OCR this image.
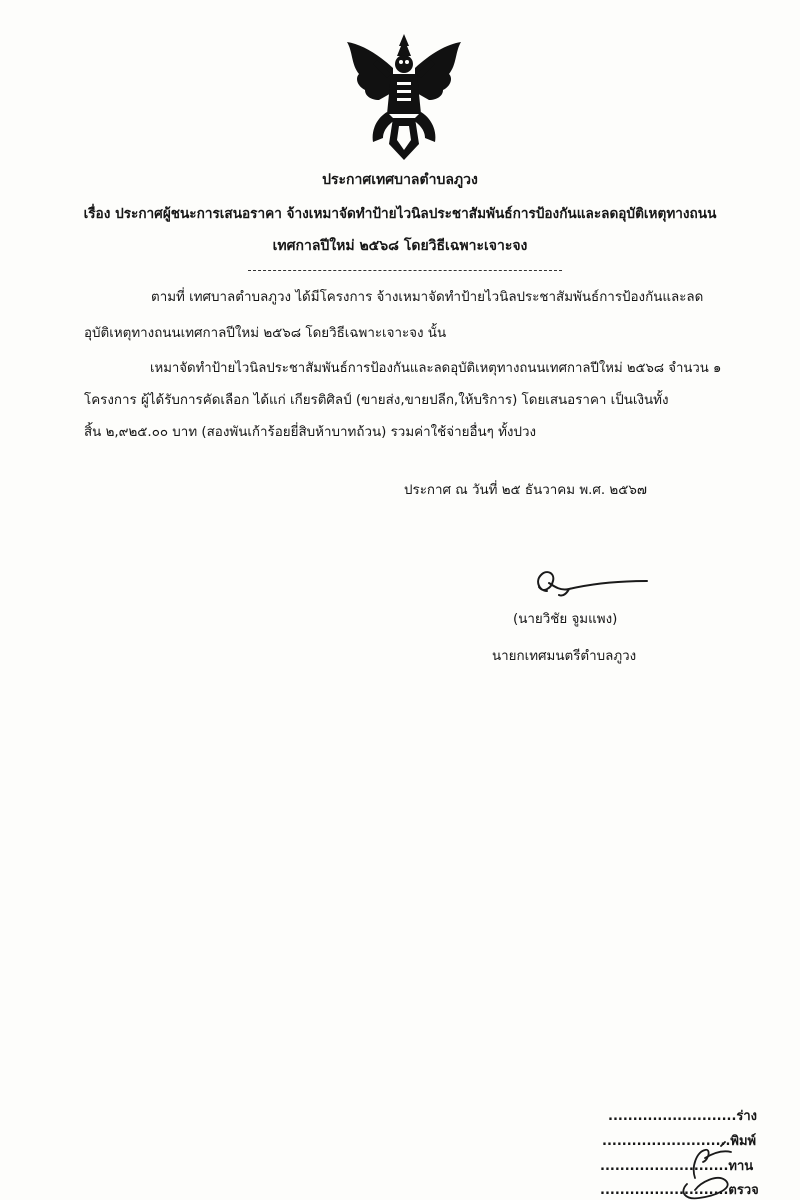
ประกาศเทศบาลตำบลภูวง
เรื่อง ประกาศผู้ชนะการเสนอราคา จ้างเหมาจัดทำป้ายไวนิลประชาสัมพันธ์การป้องกันและลดอุบัติเหตุทางถนน
เทศกาลปีใหม่ ๒๕๖๘ โดยวิธีเฉพาะเจาะจง
ตามที่ เทศบาลตำบลภูวง ได้มีโครงการ จ้างเหมาจัดทำป้ายไวนิลประชาสัมพันธ์การป้องกันและลด
อุบัติเหตุทางถนนเทศกาลปีใหม่ ๒๕๖๘ โดยวิธีเฉพาะเจาะจง นั้น
เหมาจัดทำป้ายไวนิลประชาสัมพันธ์การป้องกันและลดอุบัติเหตุทางถนนเทศกาลปีใหม่ ๒๕๖๘ จำนวน ๑
โครงการ ผู้ได้รับการคัดเลือก ได้แก่ เกียรติศิลป์ (ขายส่ง,ขายปลีก,ให้บริการ) โดยเสนอราคา เป็นเงินทั้ง
สิ้น ๒,๙๒๕.๐๐ บาท (สองพันเก้าร้อยยี่สิบห้าบาทถ้วน) รวมค่าใช้จ่ายอื่นๆ ทั้งปวง
ประกาศ ณ วันที่ ๒๕ ธันวาคม พ.ศ. ๒๕๖๗
(นายวิชัย จูมแพง)
นายกเทศมนตรีตำบลภูวง
..........................ร่าง
..........................พิมพ์
..........................ทาน
..........................ตรวจ
